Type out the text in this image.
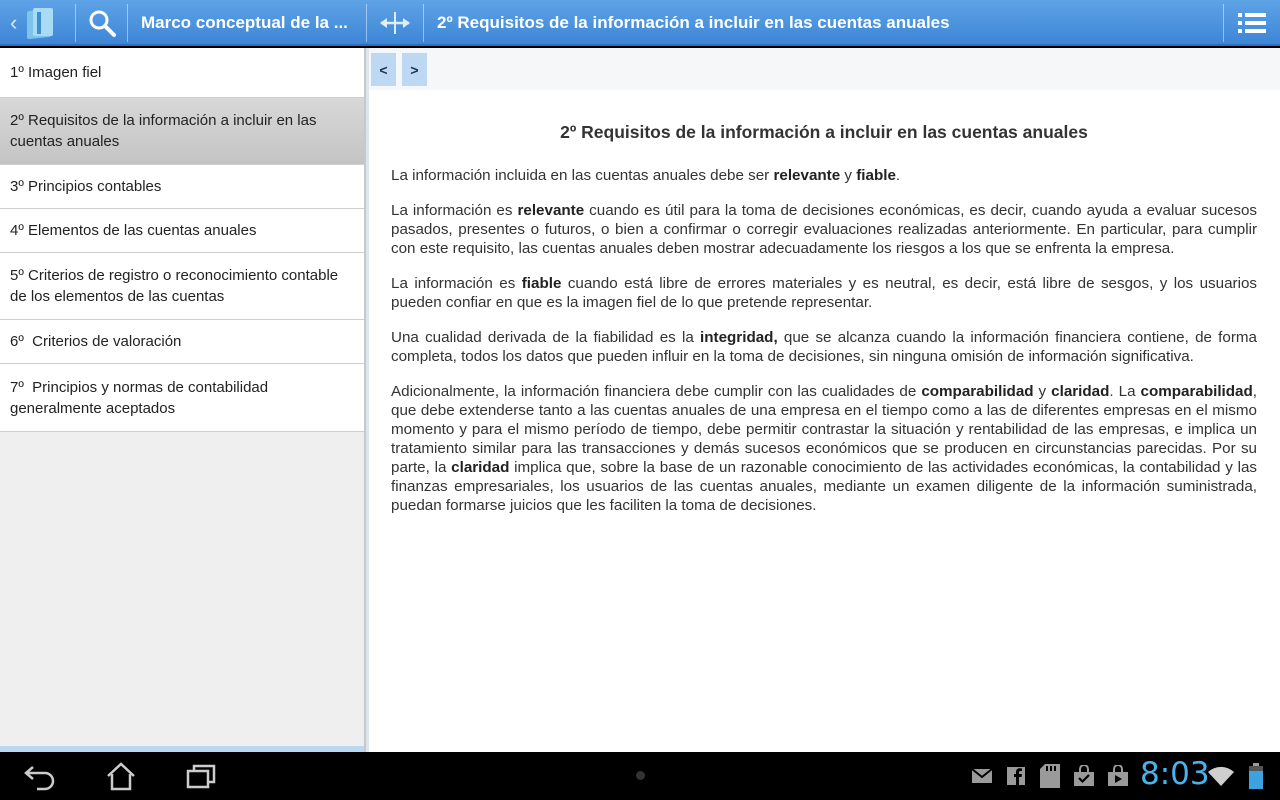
‹	Marco conceptual de la ...	2º Requisitos de la información a incluir en las cuentas anuales
1º Imagen fiel
2º Requisitos de la información a incluir en las cuentas anuales
3º Principios contables
4º Elementos de las cuentas anuales
5º Criterios de registro o reconocimiento contable de los elementos de las cuentas
6º  Criterios de valoración
7º  Principios y normas de contabilidad generalmente aceptados
<	>
2º Requisitos de la información a incluir en las cuentas anuales

La información incluida en las cuentas anuales debe ser relevante y fiable.

La información es relevante cuando es útil para la toma de decisiones económicas, es decir, cuando ayuda a evaluar sucesos pasados, presentes o futuros, o bien a confirmar o corregir evaluaciones realizadas anteriormente. En particular, para cumplir con este requisito, las cuentas anuales deben mostrar adecuadamente los riesgos a los que se enfrenta la empresa.

La información es fiable cuando está libre de errores materiales y es neutral, es decir, está libre de sesgos, y los usuarios pueden confiar en que es la imagen fiel de lo que pretende representar.

Una cualidad derivada de la fiabilidad es la integridad, que se alcanza cuando la información financiera contiene, de forma completa, todos los datos que pueden influir en la toma de decisiones, sin ninguna omisión de información significativa.

Adicionalmente, la información financiera debe cumplir con las cualidades de comparabilidad y claridad. La comparabilidad, que debe extenderse tanto a las cuentas anuales de una empresa en el tiempo como a las de diferentes empresas en el mismo momento y para el mismo período de tiempo, debe permitir contrastar la situación y rentabilidad de las empresas, e implica un tratamiento similar para las transacciones y demás sucesos económicos que se producen en circunstancias parecidas. Por su parte, la claridad implica que, sobre la base de un razonable conocimiento de las actividades económicas, la contabilidad y las finanzas empresariales, los usuarios de las cuentas anuales, mediante un examen diligente de la información suministrada, puedan formarse juicios que les faciliten la toma de decisiones.

8:03
